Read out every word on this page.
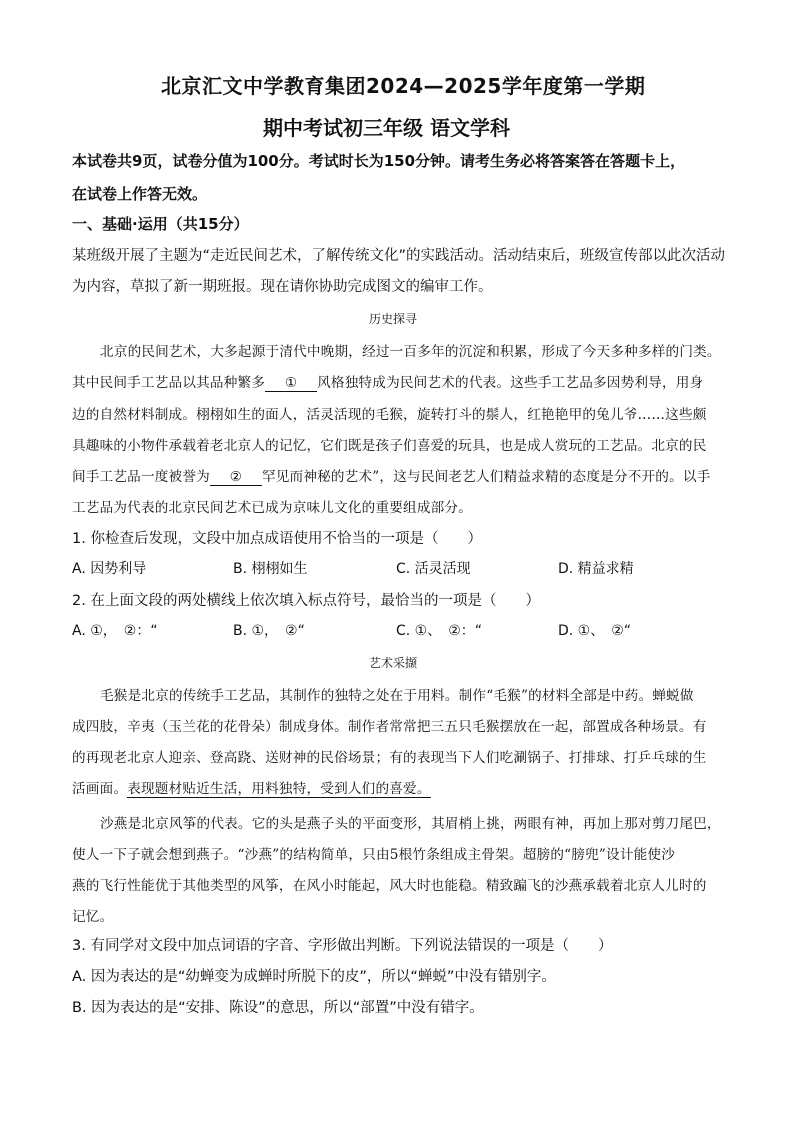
北京汇文中学教育集团2024—2025学年度第一学期
期中考试初三年级 语文学科
本试卷共9页，试卷分值为100分。考试时长为150分钟。请考生务必将答案答在答题卡上，
在试卷上作答无效。
一、基础·运用（共15分）
某班级开展了主题为“走近民间艺术，了解传统文化”的实践活动。活动结束后，班级宣传部以此次活动
为内容，草拟了新一期班报。现在请你协助完成图文的编审工作。
历史探寻
北京的民间艺术，大多起源于清代中晚期，经过一百多年的沉淀和积累，形成了今天多种多样的门类。
其中民间手工艺品以其品种繁多 ① 风格独特成为民间艺术的代表。这些手工艺品多因势利导，用身
边的自然材料制成。栩栩如生的面人，活灵活现的毛猴，旋转打斗的鬃人，红艳艳甲的兔儿爷……这些颇
具趣味的小物件承载着老北京人的记忆，它们既是孩子们喜爱的玩具，也是成人赏玩的工艺品。北京的民
间手工艺品一度被誉为 ② 罕见而神秘的艺术”，这与民间老艺人们精益求精的态度是分不开的。以手
工艺品为代表的北京民间艺术已成为京味儿文化的重要组成部分。
1. 你检查后发现，文段中加点成语使用不恰当的一项是（　　）
A. 因势利导	B. 栩栩如生	C. 活灵活现	D. 精益求精
2. 在上面文段的两处横线上依次填入标点符号，最恰当的一项是（　　）
A. ①，　②：“	B. ①，　②“	C. ①、　②：“	D. ①、　②“
艺术采撷
毛猴是北京的传统手工艺品，其制作的独特之处在于用料。制作“毛猴”的材料全部是中药。蝉蜕做
成四肢，辛夷（玉兰花的花骨朵）制成身体。制作者常常把三五只毛猴摆放在一起，部置成各种场景。有
的再现老北京人迎亲、登高跷、送财神的民俗场景；有的表现当下人们吃涮锅子、打排球、打乒乓球的生
活画面。表现题材贴近生活，用料独特，受到人们的喜爱。
沙燕是北京风筝的代表。它的头是燕子头的平面变形，其眉梢上挑，两眼有神，再加上那对剪刀尾巴，
使人一下子就会想到燕子。“沙燕”的结构简单，只由5根竹条组成主骨架。超膀的“膀兜”设计能使沙
燕的飞行性能优于其他类型的风筝，在风小时能起，风大时也能稳。精致蹁飞的沙燕承载着北京人儿时的
记忆。
3. 有同学对文段中加点词语的字音、字形做出判断。下列说法错误的一项是（　　）
A. 因为表达的是“幼蝉变为成蝉时所脱下的皮”，所以“蝉蜕”中没有错别字。
B. 因为表达的是“安排、陈设”的意思，所以“部置”中没有错字。
